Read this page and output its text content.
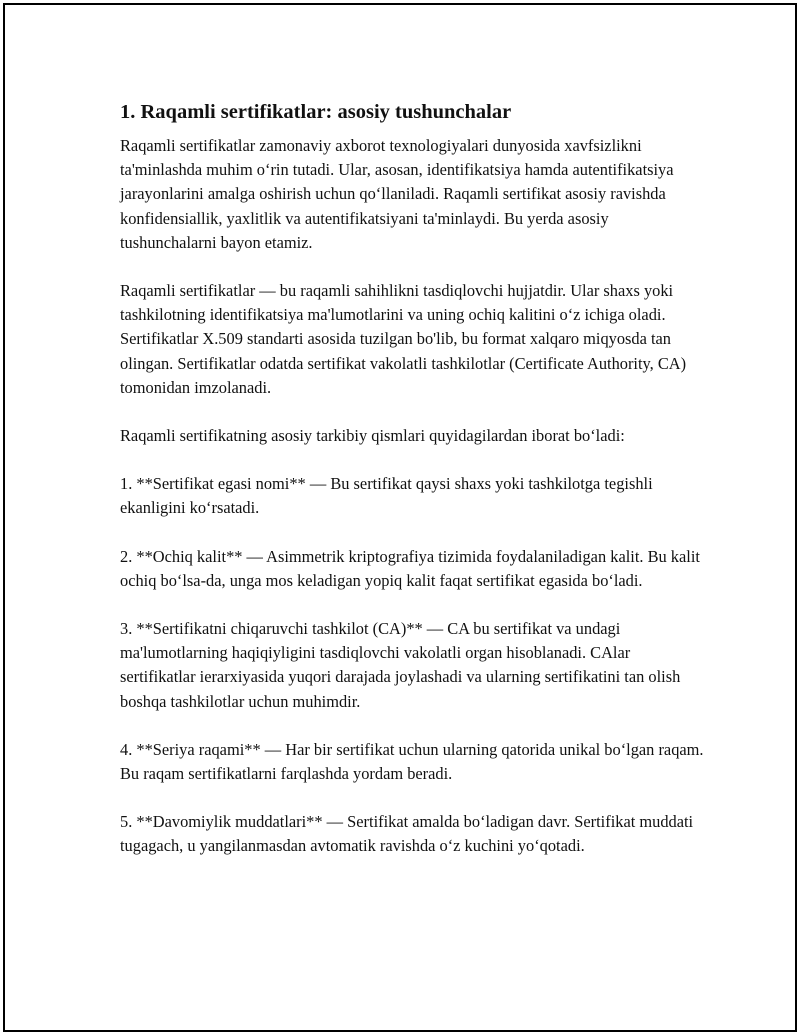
1. Raqamli sertifikatlar: asosiy tushunchalar

Raqamli sertifikatlar zamonaviy axborot texnologiyalari dunyosida xavfsizlikni ta'minlashda muhim o‘rin tutadi. Ular, asosan, identifikatsiya hamda autentifikatsiya jarayonlarini amalga oshirish uchun qo‘llaniladi. Raqamli sertifikat asosiy ravishda konfidensiallik, yaxlitlik va autentifikatsiyani ta'minlaydi. Bu yerda asosiy tushunchalarni bayon etamiz.

Raqamli sertifikatlar — bu raqamli sahihlikni tasdiqlovchi hujjatdir. Ular shaxs yoki tashkilotning identifikatsiya ma'lumotlarini va uning ochiq kalitini o‘z ichiga oladi. Sertifikatlar X.509 standarti asosida tuzilgan bo'lib, bu format xalqaro miqyosda tan olingan. Sertifikatlar odatda sertifikat vakolatli tashkilotlar (Certificate Authority, CA) tomonidan imzolanadi.

Raqamli sertifikatning asosiy tarkibiy qismlari quyidagilardan iborat bo‘ladi:

1. **Sertifikat egasi nomi** — Bu sertifikat qaysi shaxs yoki tashkilotga tegishli ekanligini ko‘rsatadi.

2. **Ochiq kalit** — Asimmetrik kriptografiya tizimida foydalaniladigan kalit. Bu kalit ochiq bo‘lsa-da, unga mos keladigan yopiq kalit faqat sertifikat egasida bo‘ladi.

3. **Sertifikatni chiqaruvchi tashkilot (CA)** — CA bu sertifikat va undagi ma'lumotlarning haqiqiyligini tasdiqlovchi vakolatli organ hisoblanadi. CAlar sertifikatlar ierarxiyasida yuqori darajada joylashadi va ularning sertifikatini tan olish boshqa tashkilotlar uchun muhimdir.

4. **Seriya raqami** — Har bir sertifikat uchun ularning qatorida unikal bo‘lgan raqam. Bu raqam sertifikatlarni farqlashda yordam beradi.

5. **Davomiylik muddatlari** — Sertifikat amalda bo‘ladigan davr. Sertifikat muddati tugagach, u yangilanmasdan avtomatik ravishda o‘z kuchini yo‘qotadi.
